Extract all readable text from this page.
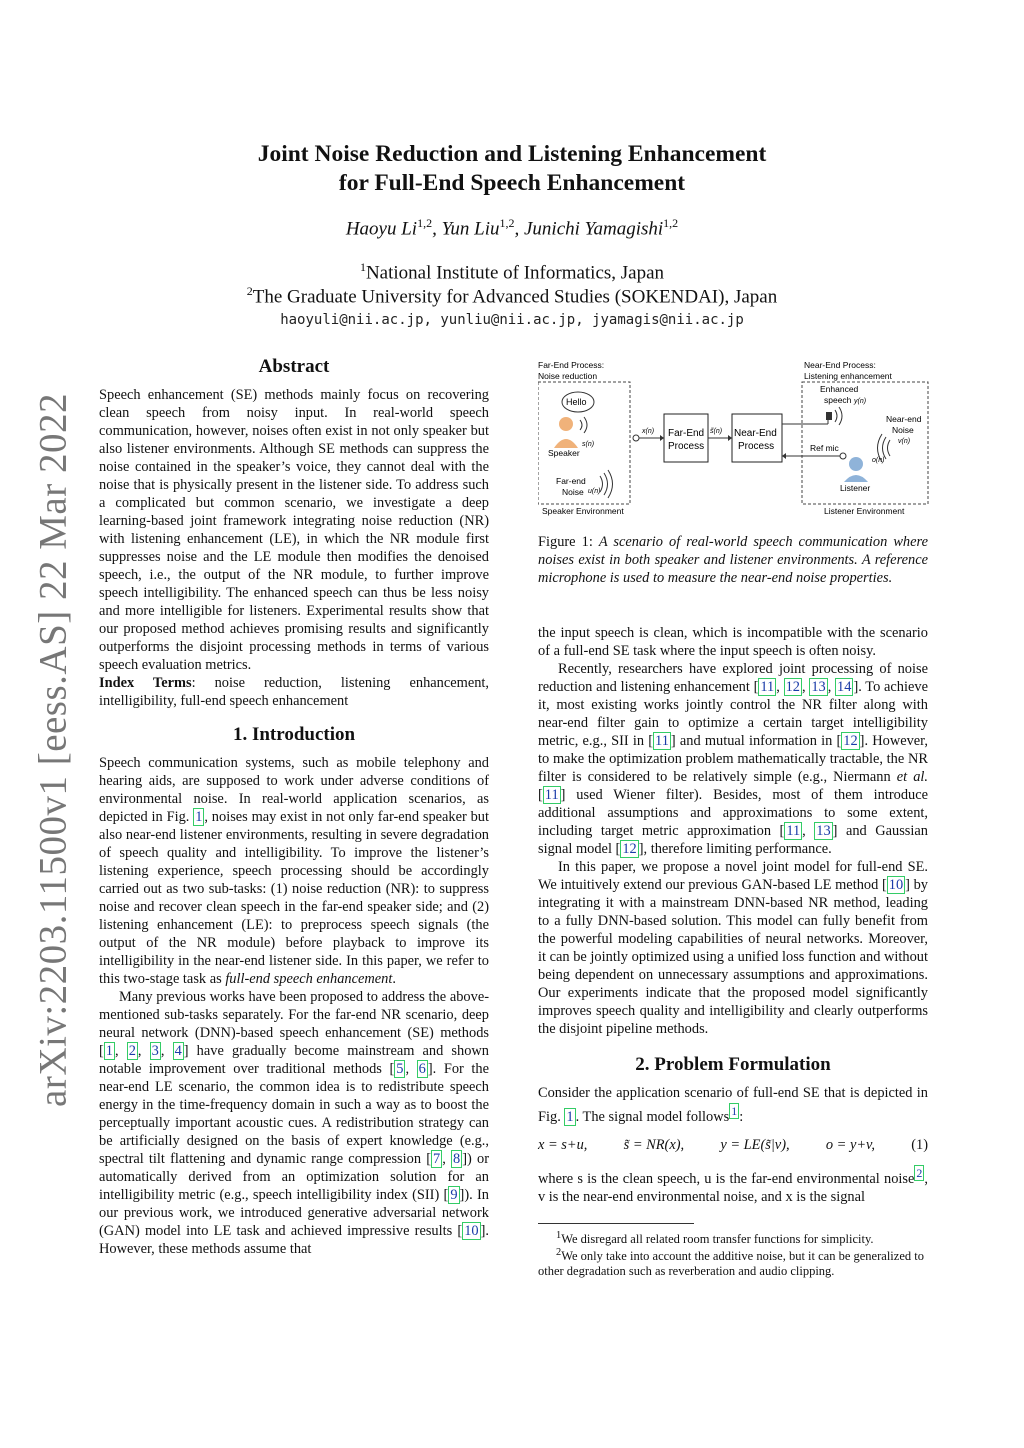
arXiv:2203.11500v1 [eess.AS] 22 Mar 2022
Joint Noise Reduction and Listening Enhancement
for Full-End Speech Enhancement
Haoyu Li$^{1,2}$, Yun Liu$^{1,2}$, Junichi Yamagishi$^{1,2}$
$^1$National Institute of Informatics, Japan
$^2$The Graduate University for Advanced Studies (SOKENDAI), Japan
haoyuli@nii.ac.jp, yunliu@nii.ac.jp, jyamagis@nii.ac.jp
Abstract

Speech enhancement (SE) methods mainly focus on recovering clean speech from noisy input. In real-world speech communication, however, noises often exist in not only speaker but also listener environments. Although SE methods can suppress the noise contained in the speaker’s voice, they cannot deal with the noise that is physically present in the listener side. To address such a complicated but common scenario, we investigate a deep learning-based joint framework integrating noise reduction (NR) with listening enhancement (LE), in which the NR module first suppresses noise and the LE module then modifies the denoised speech, i.e., the output of the NR module, to further improve speech intelligibility. The enhanced speech can thus be less noisy and more intelligible for listeners. Experimental results show that our proposed method achieves promising results and significantly outperforms the disjoint processing methods in terms of various speech evaluation metrics.

Index Terms: noise reduction, listening enhancement, intelligibility, full-end speech enhancement

1. Introduction

Speech communication systems, such as mobile telephony and hearing aids, are supposed to work under adverse conditions of environmental noise. In real-world application scenarios, as depicted in Fig. 1 , noises may exist in not only far-end speaker but also near-end listener environments, resulting in severe degradation of speech quality and intelligibility. To improve the listener’s listening experience, speech processing should be accordingly carried out as two sub-tasks: (1) noise reduction (NR): to suppress noise and recover clean speech in the far-end speaker side; and (2) listening enhancement (LE): to preprocess speech signals (the output of the NR module) before playback to improve its intelligibility in the near-end listener side. In this paper, we refer to this two-stage task as full-end speech enhancement.

Many previous works have been proposed to address the above-mentioned sub-tasks separately. For the far-end NR scenario, deep neural network (DNN)-based speech enhancement (SE) methods [ 1 , 2 , 3 , 4 ] have gradually become mainstream and shown notable improvement over traditional methods [ 5 , 6 ]. For the near-end LE scenario, the common idea is to redistribute speech energy in the time-frequency domain in such a way as to boost the perceptually important acoustic cues. A redistribution strategy can be artificially designed on the basis of expert knowledge (e.g., spectral tilt flattening and dynamic range compression [ 7 , 8 ]) or automatically derived from an optimization solution for an intelligibility metric (e.g., speech intelligibility index (SII) [ 9 ]). In our previous work, we introduced generative adversarial network (GAN) model into LE task and achieved impressive results [ 10 ]. However, these methods assume that

Far-End Process:
Noise reduction
Near-End Process:
Listening enhancement
Speaker Environment	Listener Environment
Hello
s(n)
Speaker
Far-end
Noise u(n)
x(n) Far-End
Process
s̃(n) Near-End
Process
Enhanced
speech y(n)
Ref mic
o(n)
Listener
Near-end
Noise
v(n)
Figure 1: A scenario of real-world speech communication where noises exist in both speaker and listener environments. A reference microphone is used to measure the near-end noise properties.

the input speech is clean, which is incompatible with the scenario of a full-end SE task where the input speech is often noisy.

Recently, researchers have explored joint processing of noise reduction and listening enhancement [ 11 , 12 , 13 , 14 ]. To achieve it, most existing works jointly control the NR filter along with near-end filter gain to optimize a certain target intelligibility metric, e.g., SII in [ 11 ] and mutual information in [ 12 ]. However, to make the optimization problem mathematically tractable, the NR filter is considered to be relatively simple (e.g., Niermann et al. [ 11 ] used Wiener filter). Besides, most of them introduce additional assumptions and approximations to some extent, including target metric approximation [ 11 , 13 ] and Gaussian signal model [ 12 ], therefore limiting performance.

In this paper, we propose a novel joint model for full-end SE. We intuitively extend our previous GAN-based LE method [ 10 ] by integrating it with a mainstream DNN-based NR method, leading to a fully DNN-based solution. This model can fully benefit from the powerful modeling capabilities of neural networks. Moreover, it can be jointly optimized using a unified loss function and without being dependent on unnecessary assumptions and approximations. Our experiments indicate that the proposed model significantly improves speech quality and intelligibility and clearly outperforms the disjoint pipeline methods.

2. Problem Formulation

Consider the application scenario of full-end SE that is depicted in Fig. 1 . The signal model follows $^1$ :

x = s+u,	s̃ = NR(x),	y = LE(s̃|v),	o = y+v,	(1)

where s is the clean speech, u is the far-end environmental noise $^2$ , v is the near-end environmental noise, and x is the signal

$^1$We disregard all related room transfer functions for simplicity.
$^2$We only take into account the additive noise, but it can be generalized to other degradation such as reverberation and audio clipping.
